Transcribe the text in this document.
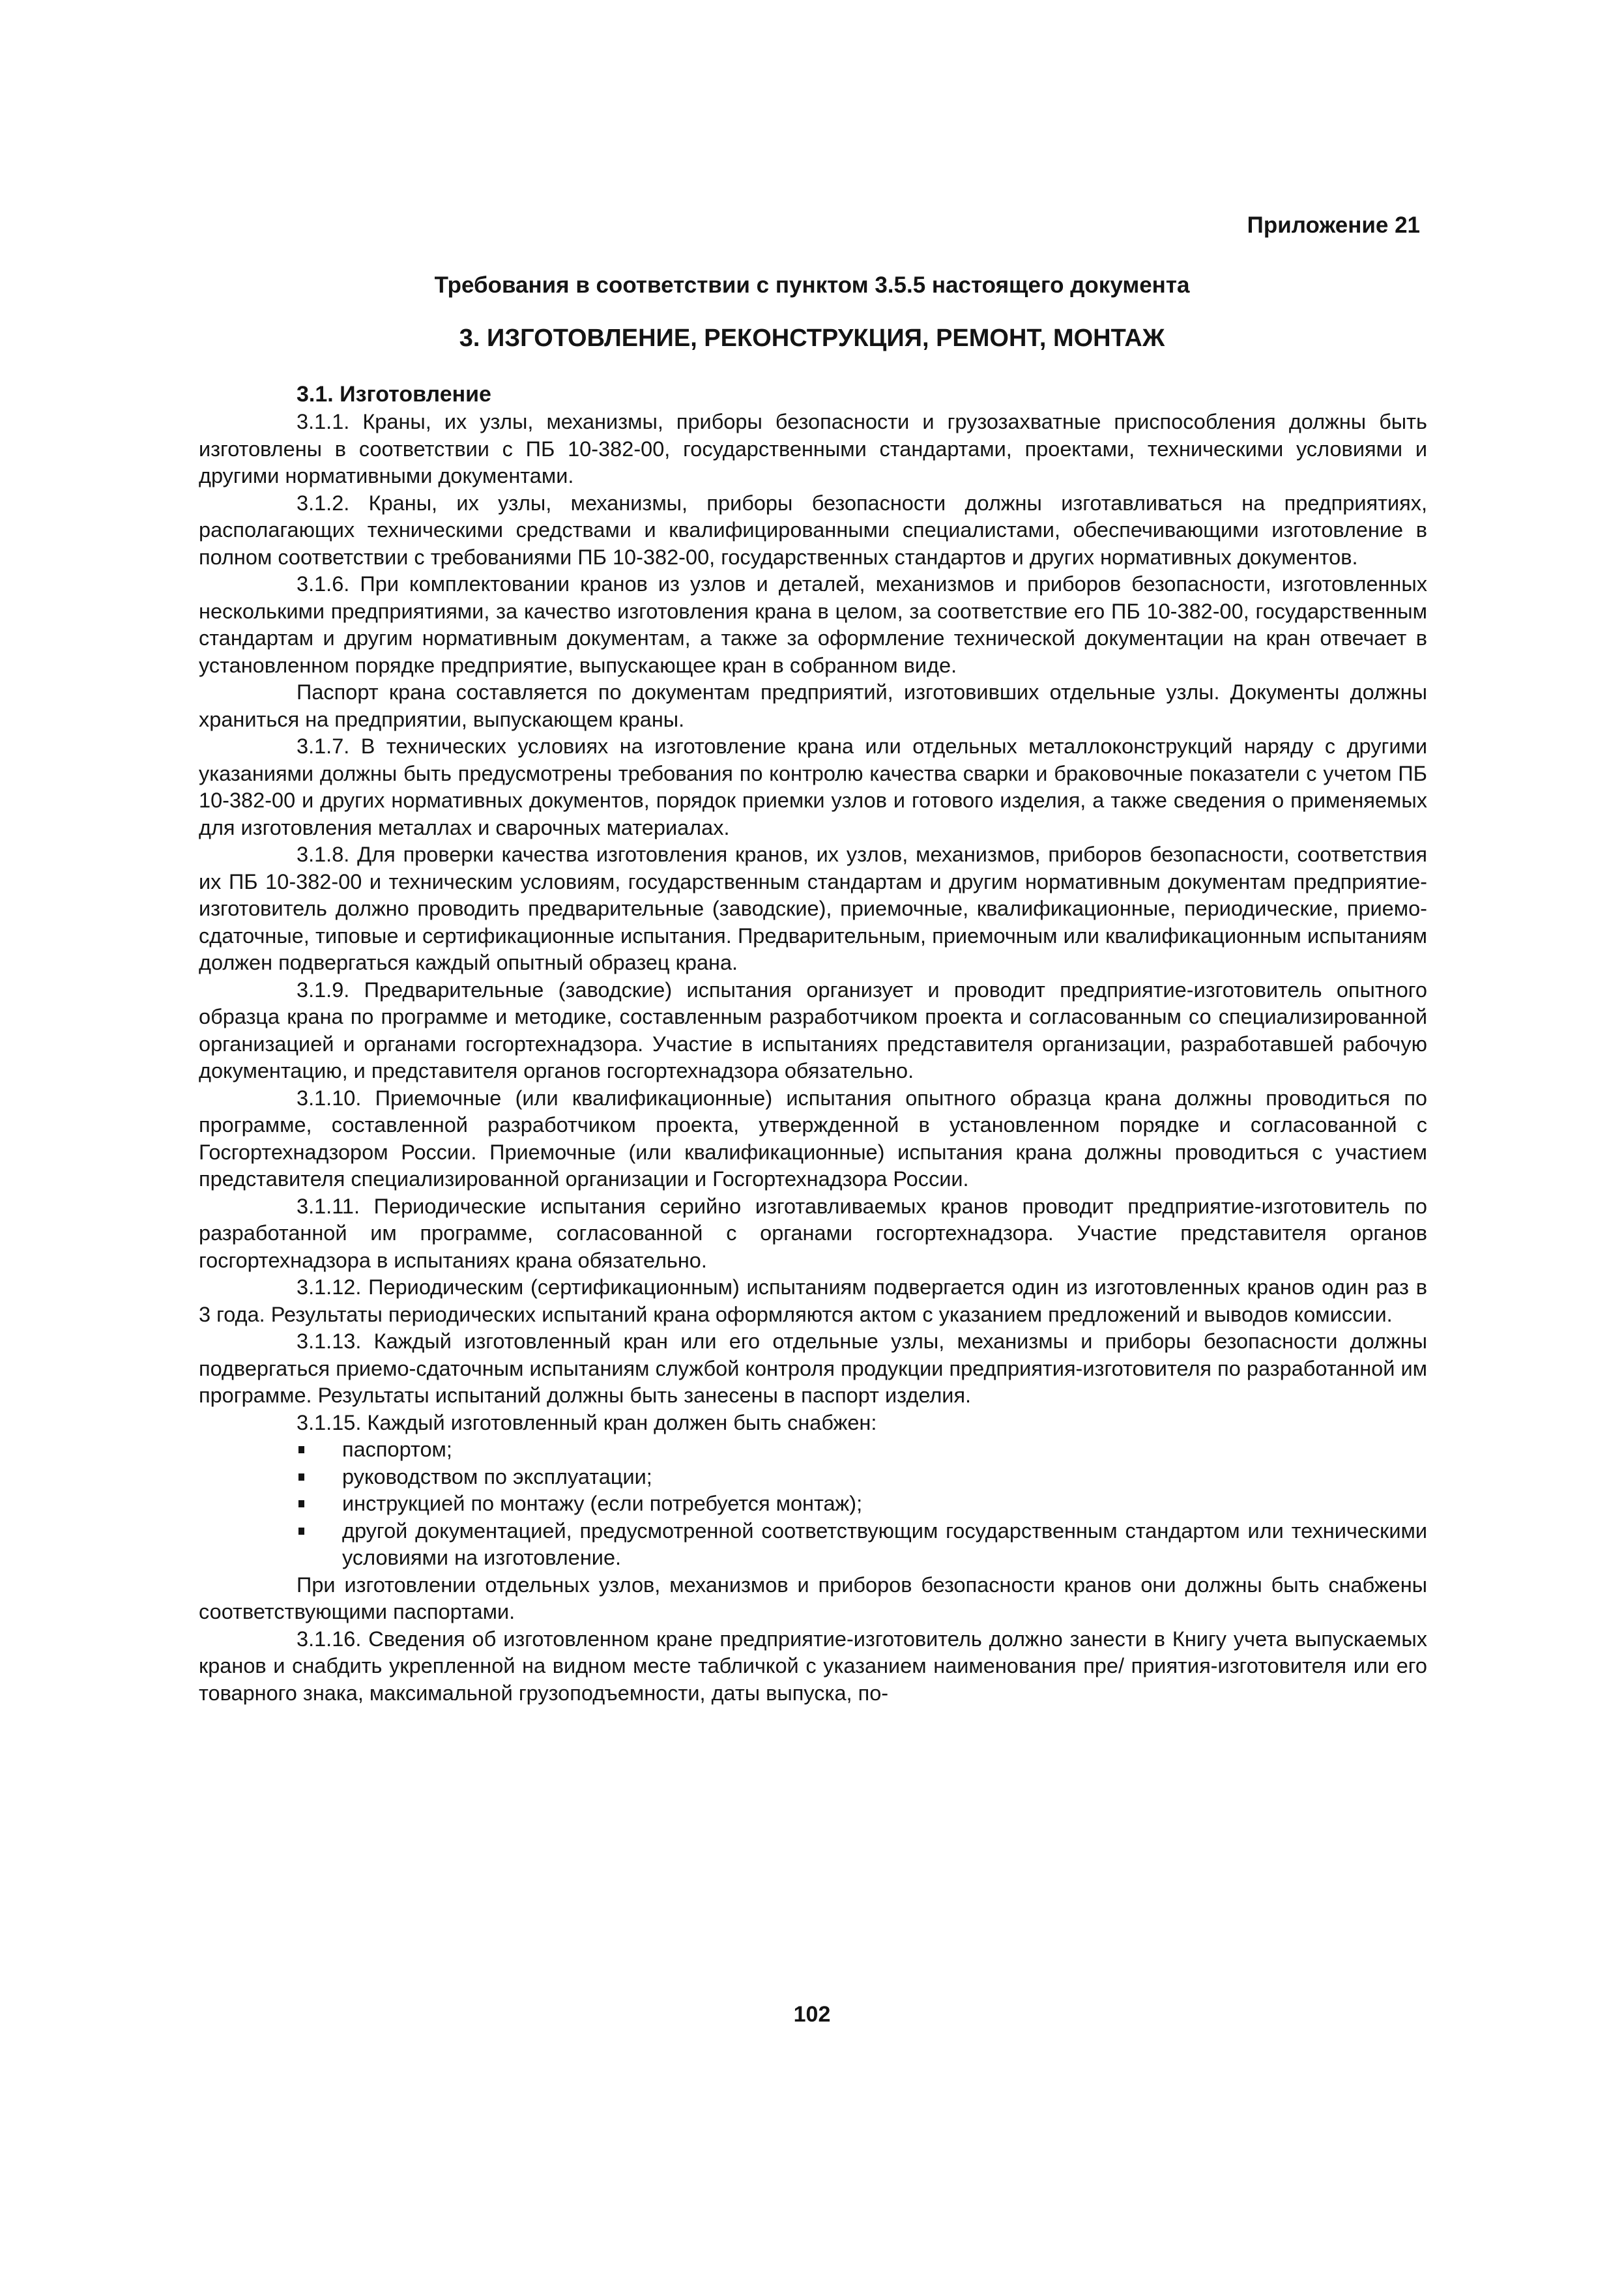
Приложение 21

Требования в соответствии с пунктом 3.5.5 настоящего документа

3. ИЗГОТОВЛЕНИЕ, РЕКОНСТРУКЦИЯ, РЕМОНТ, МОНТАЖ

3.1. Изготовление

3.1.1. Краны, их узлы, механизмы, приборы безопасности и грузозахватные приспособления должны быть изготовлены в соответствии с ПБ 10-382-00, государственными стандартами, проектами, техническими условиями и другими нормативными документами.

3.1.2. Краны, их узлы, механизмы, приборы безопасности должны изготавливаться на предприятиях, располагающих техническими средствами и квалифицированными специалистами, обеспечивающими изготовление в полном соответствии с требованиями ПБ 10-382-00, государственных стандартов и других нормативных документов.

3.1.6. При комплектовании кранов из узлов и деталей, механизмов и приборов безопасности, изготовленных несколькими предприятиями, за качество изготовления крана в целом, за соответствие его ПБ 10-382-00, государственным стандартам и другим нормативным документам, а также за оформление технической документации на кран отвечает в установленном порядке предприятие, выпускающее кран в собранном виде.

Паспорт крана составляется по документам предприятий, изготовивших отдельные узлы. Документы должны храниться на предприятии, выпускающем краны.

3.1.7. В технических условиях на изготовление крана или отдельных металлоконструкций наряду с другими указаниями должны быть предусмотрены требования по контролю качества сварки и браковочные показатели с учетом ПБ 10-382-00 и других нормативных документов, порядок приемки узлов и готового изделия, а также сведения о применяемых для изготовления металлах и сварочных материалах.

3.1.8. Для проверки качества изготовления кранов, их узлов, механизмов, приборов безопасности, соответствия их ПБ 10-382-00 и техническим условиям, государственным стандартам и другим нормативным документам предприятие-изготовитель должно проводить предварительные (заводские), приемочные, квалификационные, периодические, приемо-сдаточные, типовые и сертификационные испытания. Предварительным, приемочным или квалификационным испытаниям должен подвергаться каждый опытный образец крана.

3.1.9. Предварительные (заводские) испытания организует и проводит предприятие-изготовитель опытного образца крана по программе и методике, составленным разработчиком проекта и согласованным со специализированной организацией и органами госгортехнадзора. Участие в испытаниях представителя организации, разработавшей рабочую документацию, и представителя органов госгортехнадзора обязательно.

3.1.10. Приемочные (или квалификационные) испытания опытного образца крана должны проводиться по программе, составленной разработчиком проекта, утвержденной в установленном порядке и согласованной с Госгортехнадзором России. Приемочные (или квалификационные) испытания крана должны проводиться с участием представителя специализированной организации и Госгортехнадзора России.

3.1.11. Периодические испытания серийно изготавливаемых кранов проводит предприятие-изготовитель по разработанной им программе, согласованной с органами госгортехнадзора. Участие представителя органов госгортехнадзора в испытаниях крана обязательно.

3.1.12. Периодическим (сертификационным) испытаниям подвергается один из изготовленных кранов один раз в 3 года. Результаты периодических испытаний крана оформляются актом с указанием предложений и выводов комиссии.

3.1.13. Каждый изготовленный кран или его отдельные узлы, механизмы и приборы безопасности должны подвергаться приемо-сдаточным испытаниям службой контроля продукции предприятия-изготовителя по разработанной им программе. Результаты испытаний должны быть занесены в паспорт изделия.

3.1.15. Каждый изготовленный кран должен быть снабжен:

паспортом;
руководством по эксплуатации;
инструкцией по монтажу (если потребуется монтаж);
другой документацией, предусмотренной соответствующим государственным стандартом или техническими условиями на изготовление.

При изготовлении отдельных узлов, механизмов и приборов безопасности кранов они должны быть снабжены соответствующими паспортами.

3.1.16. Сведения об изготовленном кране предприятие-изготовитель должно занести в Книгу учета выпускаемых кранов и снабдить укрепленной на видном месте табличкой с указанием наименования пре/ приятия-изготовителя или его товарного знака, максимальной грузоподъемности, даты выпуска, по-

102
